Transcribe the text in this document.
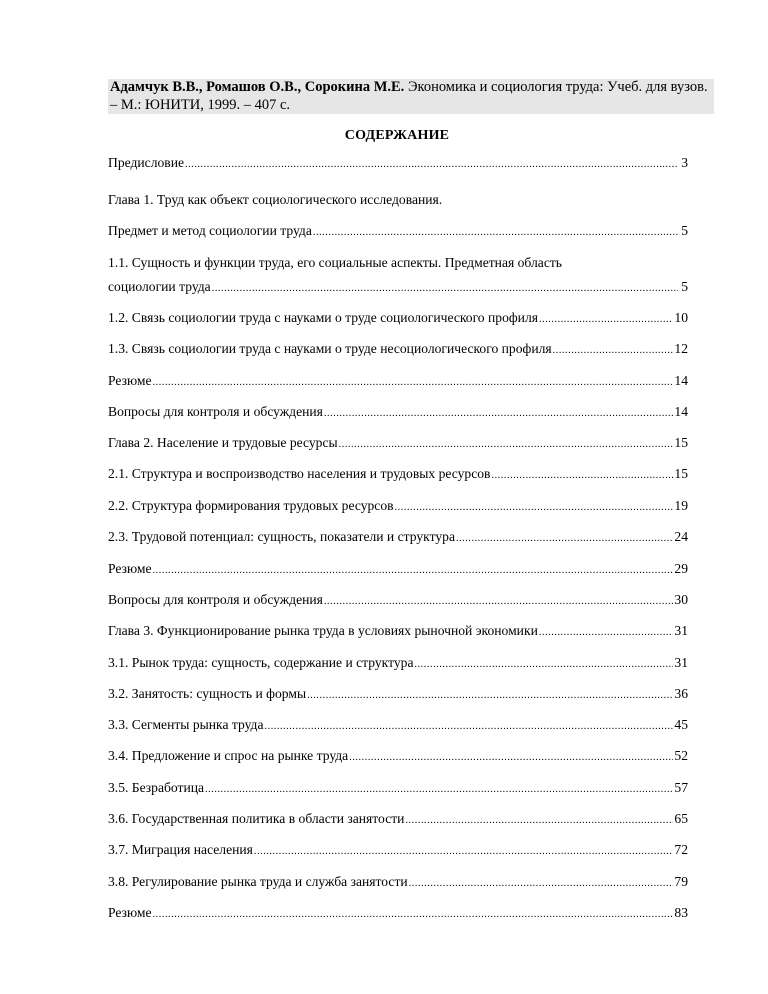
Адамчук В.В., Ромашов О.В., Сорокина М.Е. Экономика и социология труда: Учеб. для вузов. – М.: ЮНИТИ, 1999. – 407 с.
СОДЕРЖАНИЕ
Предисловие .....	3
Глава 1. Труд как объект социологического исследования.
Предмет и метод социологии труда .....	5
1.1. Сущность и функции труда, его социальные аспекты. Предметная область
социологии труда .....	5
1.2. Связь социологии труда с науками о труде социологического профиля .....	10
1.3. Связь социологии труда с науками о труде несоциологического профиля .....	12
Резюме .....	14
Вопросы для контроля и обсуждения .....	14
Глава 2. Население и трудовые ресурсы .....	15
2.1. Структура и воспроизводство населения и трудовых ресурсов .....	15
2.2. Структура формирования трудовых ресурсов .....	19
2.3. Трудовой потенциал: сущность, показатели и структура .....	24
Резюме .....	29
Вопросы для контроля и обсуждения .....	30
Глава 3. Функционирование рынка труда в условиях рыночной экономики .....	31
3.1. Рынок труда: сущность, содержание и структура .....	31
3.2. Занятость: сущность и формы .....	36
3.3. Сегменты рынка труда .....	45
3.4. Предложение и спрос на рынке труда .....	52
3.5. Безработица .....	57
3.6. Государственная политика в области занятости .....	65
3.7. Миграция населения .....	72
3.8. Регулирование рынка труда и служба занятости .....	79
Резюме .....	83
